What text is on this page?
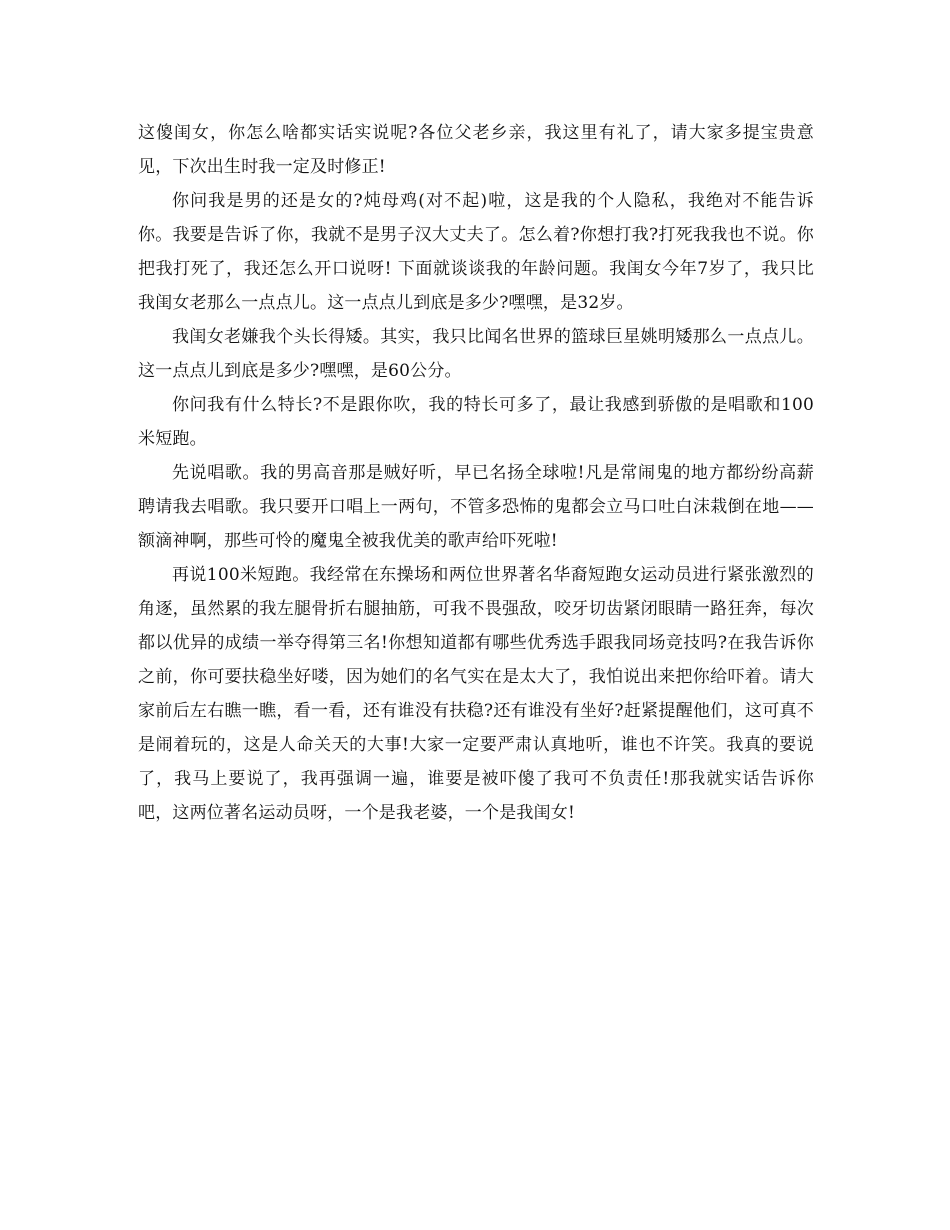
这傻闺女，你怎么啥都实话实说呢?各位父老乡亲，我这里有礼了，请大家多提宝贵意见，下次出生时我一定及时修正!

你问我是男的还是女的?炖母鸡(对不起)啦，这是我的个人隐私，我绝对不能告诉你。我要是告诉了你，我就不是男子汉大丈夫了。怎么着?你想打我?打死我我也不说。你把我打死了，我还怎么开口说呀! 下面就谈谈我的年龄问题。我闺女今年7岁了，我只比我闺女老那么一点点儿。这一点点儿到底是多少?嘿嘿，是32岁。

我闺女老嫌我个头长得矮。其实，我只比闻名世界的篮球巨星姚明矮那么一点点儿。这一点点儿到底是多少?嘿嘿，是60公分。

你问我有什么特长?不是跟你吹，我的特长可多了，最让我感到骄傲的是唱歌和100米短跑。

先说唱歌。我的男高音那是贼好听，早已名扬全球啦!凡是常闹鬼的地方都纷纷高薪聘请我去唱歌。我只要开口唱上一两句，不管多恐怖的鬼都会立马口吐白沫栽倒在地——额滴神啊，那些可怜的魔鬼全被我优美的歌声给吓死啦!

再说100米短跑。我经常在东操场和两位世界著名华裔短跑女运动员进行紧张激烈的角逐，虽然累的我左腿骨折右腿抽筋，可我不畏强敌，咬牙切齿紧闭眼睛一路狂奔，每次都以优异的成绩一举夺得第三名!你想知道都有哪些优秀选手跟我同场竞技吗?在我告诉你之前，你可要扶稳坐好喽，因为她们的名气实在是太大了，我怕说出来把你给吓着。请大家前后左右瞧一瞧，看一看，还有谁没有扶稳?还有谁没有坐好?赶紧提醒他们，这可真不是闹着玩的，这是人命关天的大事!大家一定要严肃认真地听，谁也不许笑。我真的要说了，我马上要说了，我再强调一遍，谁要是被吓傻了我可不负责任!那我就实话告诉你吧，这两位著名运动员呀，一个是我老婆，一个是我闺女!
